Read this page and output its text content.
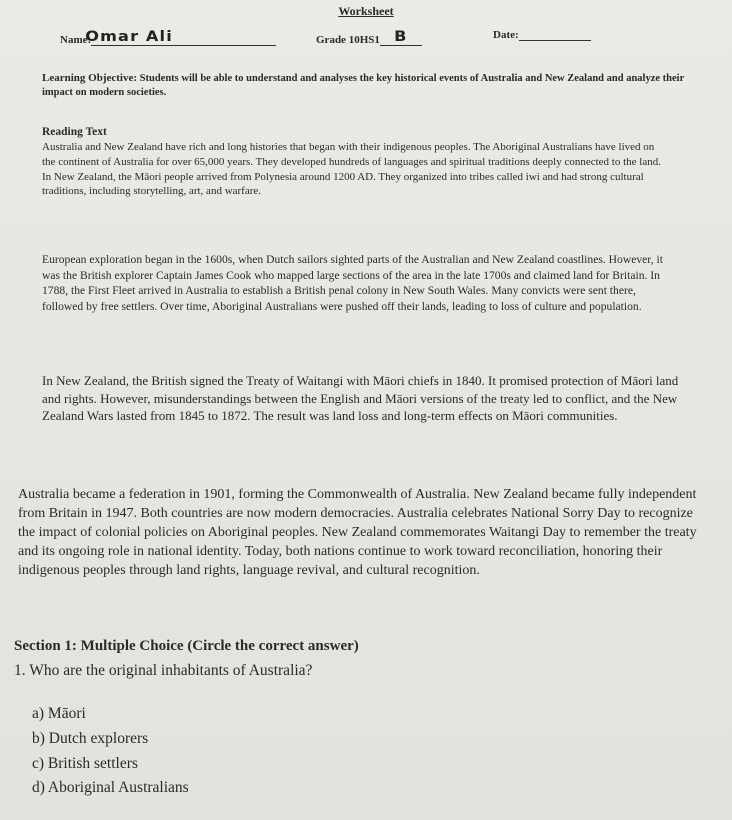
Worksheet
Name:Omar Ali	Grade 10HS1 B	Date:
Learning Objective: Students will be able to understand and analyses the key historical events of Australia and New Zealand and analyze their impact on modern societies.
Reading Text

Australia and New Zealand have rich and long histories that began with their indigenous peoples. The Aboriginal Australians have lived on the continent of Australia for over 65,000 years. They developed hundreds of languages and spiritual traditions deeply connected to the land. In New Zealand, the Māori people arrived from Polynesia around 1200 AD. They organized into tribes called iwi and had strong cultural traditions, including storytelling, art, and warfare.

European exploration began in the 1600s, when Dutch sailors sighted parts of the Australian and New Zealand coastlines. However, it was the British explorer Captain James Cook who mapped large sections of the area in the late 1700s and claimed land for Britain. In 1788, the First Fleet arrived in Australia to establish a British penal colony in New South Wales. Many convicts were sent there, followed by free settlers. Over time, Aboriginal Australians were pushed off their lands, leading to loss of culture and population.

In New Zealand, the British signed the Treaty of Waitangi with Māori chiefs in 1840. It promised protection of Māori land and rights. However, misunderstandings between the English and Māori versions of the treaty led to conflict, and the New Zealand Wars lasted from 1845 to 1872. The result was land loss and long-term effects on Māori communities.

Australia became a federation in 1901, forming the Commonwealth of Australia. New Zealand became fully independent from Britain in 1947. Both countries are now modern democracies. Australia celebrates National Sorry Day to recognize the impact of colonial policies on Aboriginal peoples. New Zealand commemorates Waitangi Day to remember the treaty and its ongoing role in national identity. Today, both nations continue to work toward reconciliation, honoring their indigenous peoples through land rights, language revival, and cultural recognition.

Section 1: Multiple Choice (Circle the correct answer)
1. Who are the original inhabitants of Australia?
a) Māori
b) Dutch explorers
c) British settlers
d) Aboriginal Australians
